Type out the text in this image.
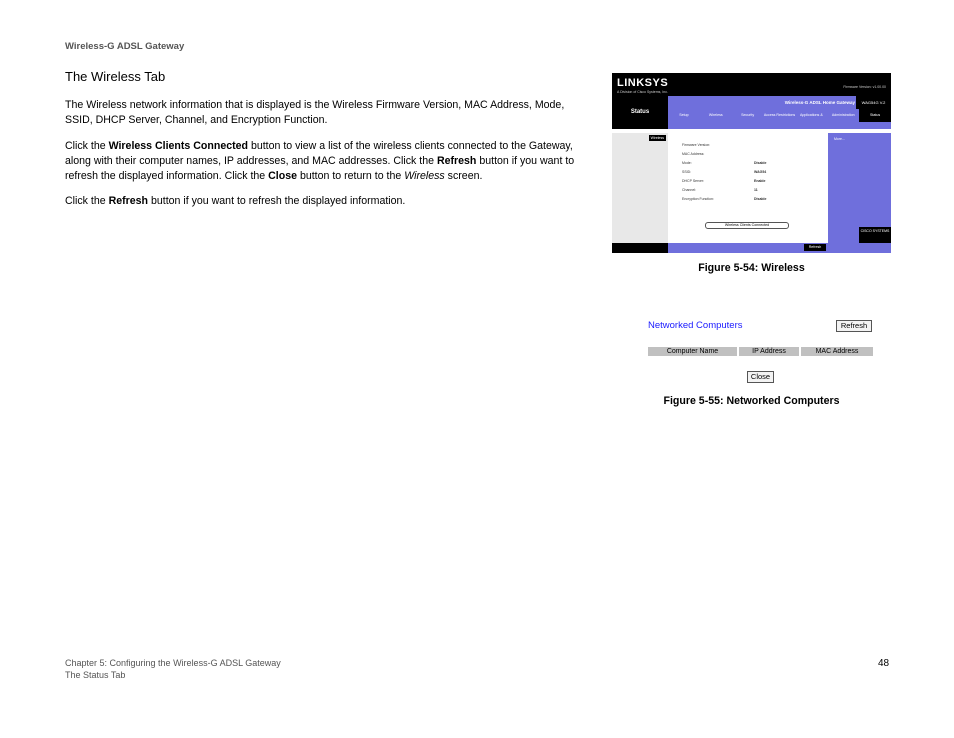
Wireless-G ADSL Gateway
The Wireless Tab

The Wireless network information that is displayed is the Wireless Firmware Version, MAC Address, Mode, SSID, DHCP Server, Channel, and Encryption Function.

Click the Wireless Clients Connected button to view a list of the wireless clients connected to the Gateway, along with their computer names, IP addresses, and MAC addresses. Click the Refresh button if you want to refresh the displayed information. Click the Close button to return to the Wireless screen.

Click the Refresh button if you want to refresh the displayed information.

LINKSYS
A Division of Cisco Systems, Inc.
Firmware Version: v1.00.00
Wireless-G ADSL Home Gateway	WAG54G V.2
Status	Setup	Wireless	Security	Access Restrictions	Applications &	Administration	Status
Wireless
Firmware Version:
MAC Address:
Mode:	Disable
SSID:	WAG54
DHCP Server:	Enable
Channel:	11
Encryption Function:	Disable
Wireless Clients Connected
More...
CISCO SYSTEMS
Refresh
Figure 5-54: Wireless
Networked Computers	Refresh
Computer Name	IP Address	MAC Address
Close
Figure 5-55: Networked Computers
Chapter 5: Configuring the Wireless-G ADSL Gateway
The Status Tab
48
